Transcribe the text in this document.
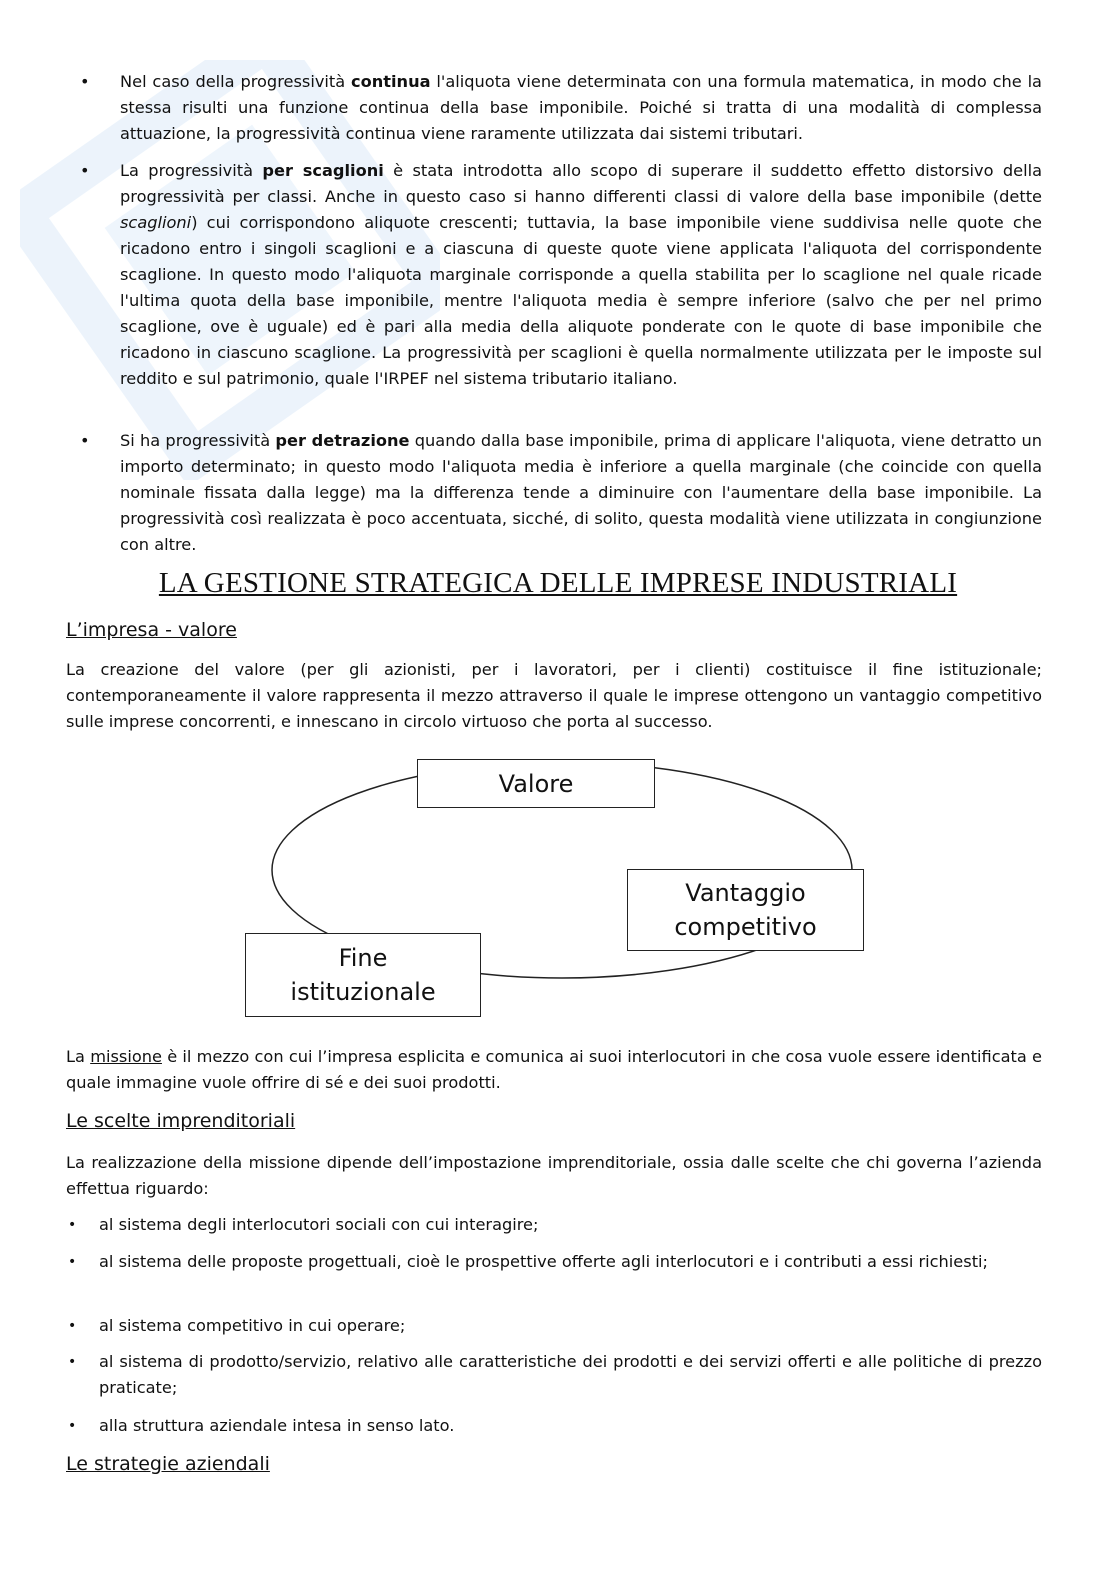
• Nel caso della progressività continua l'aliquota viene determinata con una formula matematica, in modo che la stessa risulti una funzione continua della base imponibile. Poiché si tratta di una modalità di complessa attuazione, la progressività continua viene raramente utilizzata dai sistemi tributari.

• La progressività per scaglioni è stata introdotta allo scopo di superare il suddetto effetto distorsivo della progressività per classi. Anche in questo caso si hanno differenti classi di valore della base imponibile (dette scaglioni) cui corrispondono aliquote crescenti; tuttavia, la base imponibile viene suddivisa nelle quote che ricadono entro i singoli scaglioni e a ciascuna di queste quote viene applicata l'aliquota del corrispondente scaglione. In questo modo l'aliquota marginale corrisponde a quella stabilita per lo scaglione nel quale ricade l'ultima quota della base imponibile, mentre l'aliquota media è sempre inferiore (salvo che per nel primo scaglione, ove è uguale) ed è pari alla media della aliquote ponderate con le quote di base imponibile che ricadono in ciascuno scaglione. La progressività per scaglioni è quella normalmente utilizzata per le imposte sul reddito e sul patrimonio, quale l'IRPEF nel sistema tributario italiano.

• Si ha progressività per detrazione quando dalla base imponibile, prima di applicare l'aliquota, viene detratto un importo determinato; in questo modo l'aliquota media è inferiore a quella marginale (che coincide con quella nominale fissata dalla legge) ma la differenza tende a diminuire con l'aumentare della base imponibile. La progressività così realizzata è poco accentuata, sicché, di solito, questa modalità viene utilizzata in congiunzione con altre.

LA GESTIONE STRATEGICA DELLE IMPRESE INDUSTRIALI
L’impresa - valore

La creazione del valore (per gli azionisti, per i lavoratori, per i clienti) costituisce il fine istituzionale; contemporaneamente il valore rappresenta il mezzo attraverso il quale le imprese ottengono un vantaggio competitivo sulle imprese concorrenti, e innescano in circolo virtuoso che porta al successo.

Valore
Vantaggio
competitivo
Fine
istituzionale

La missione è il mezzo con cui l’impresa esplicita e comunica ai suoi interlocutori in che cosa vuole essere identificata e quale immagine vuole offrire di sé e dei suoi prodotti.

Le scelte imprenditoriali

La realizzazione della missione dipende dell’impostazione imprenditoriale, ossia dalle scelte che chi governa l’azienda effettua riguardo:

• al sistema degli interlocutori sociali con cui interagire;

• al sistema delle proposte progettuali, cioè le prospettive offerte agli interlocutori e i contributi a essi richiesti;

• al sistema competitivo in cui operare;

• al sistema di prodotto/servizio, relativo alle caratteristiche dei prodotti e dei servizi offerti e alle politiche di prezzo praticate;

• alla struttura aziendale intesa in senso lato.

Le strategie aziendali
